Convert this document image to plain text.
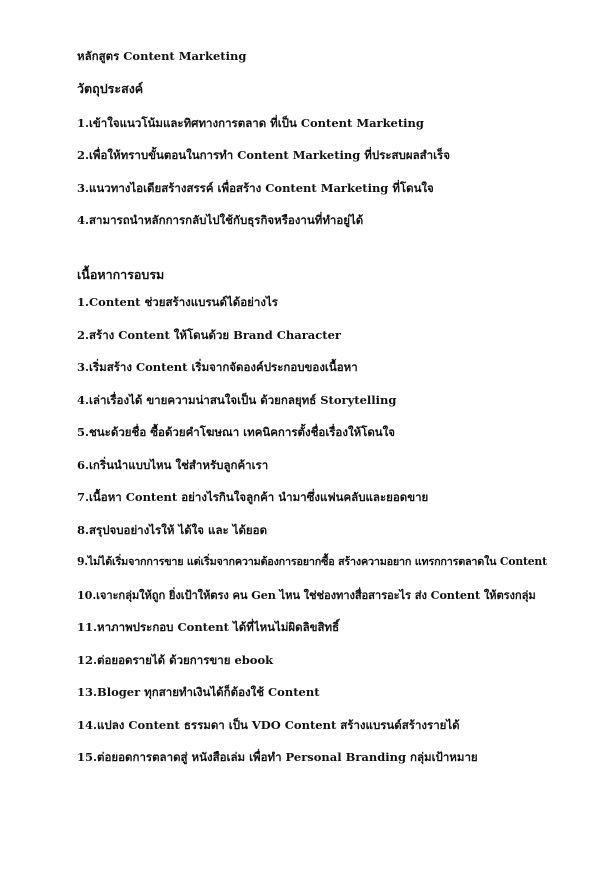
หลักสูตร Content Marketing
วัตถุประสงค์
1.เข้าใจแนวโน้มและทิศทางการตลาด ที่เป็น Content Marketing
2.เพื่อให้ทราบขั้นตอนในการทำ Content Marketing ที่ประสบผลสำเร็จ
3.แนวทางไอเดียสร้างสรรค์ เพื่อสร้าง Content Marketing ที่โดนใจ
4.สามารถนำหลักการกลับไปใช้กับธุรกิจหรืองานที่ทำอยู่ได้
เนื้อหาการอบรม
1.Content ช่วยสร้างแบรนด์ได้อย่างไร
2.สร้าง Content ให้โดนด้วย Brand Character
3.เริ่มสร้าง Content เริ่มจากจัดองค์ประกอบของเนื้อหา
4.เล่าเรื่องได้ ขายความน่าสนใจเป็น ด้วยกลยุทธ์ Storytelling
5.ชนะด้วยชื่อ ซื้อด้วยคำโฆษณา เทคนิคการตั้งชื่อเรื่องให้โดนใจ
6.เกริ่นนำแบบไหน ใช่สำหรับลูกค้าเรา
7.เนื้อหา Content อย่างไรกินใจลูกค้า นำมาซึ่งแฟนคลับและยอดขาย
8.สรุปจบอย่างไรให้ ได้ใจ และ ได้ยอด
9.ไม่ได้เริ่มจากการขาย แต่เริ่มจากความต้องการอยากซื้อ สร้างความอยาก แทรกการตลาดใน Content
10.เจาะกลุ่มให้ถูก ยิ่งเป้าให้ตรง คน Gen ไหน ใช่ช่องทางสื่อสารอะไร ส่ง Content ให้ตรงกลุ่ม
11.หาภาพประกอบ Content ได้ที่ไหนไม่ผิดลิขสิทธิ์
12.ต่อยอดรายได้ ด้วยการขาย ebook
13.Bloger ทุกสายทำเงินได้ก็ต้องใช้ Content
14.แปลง Content ธรรมดา เป็น VDO Content สร้างแบรนด์สร้างรายได้
15.ต่อยอดการตลาดสู่ หนังสือเล่ม เพื่อทำ Personal Branding กลุ่มเป้าหมาย
